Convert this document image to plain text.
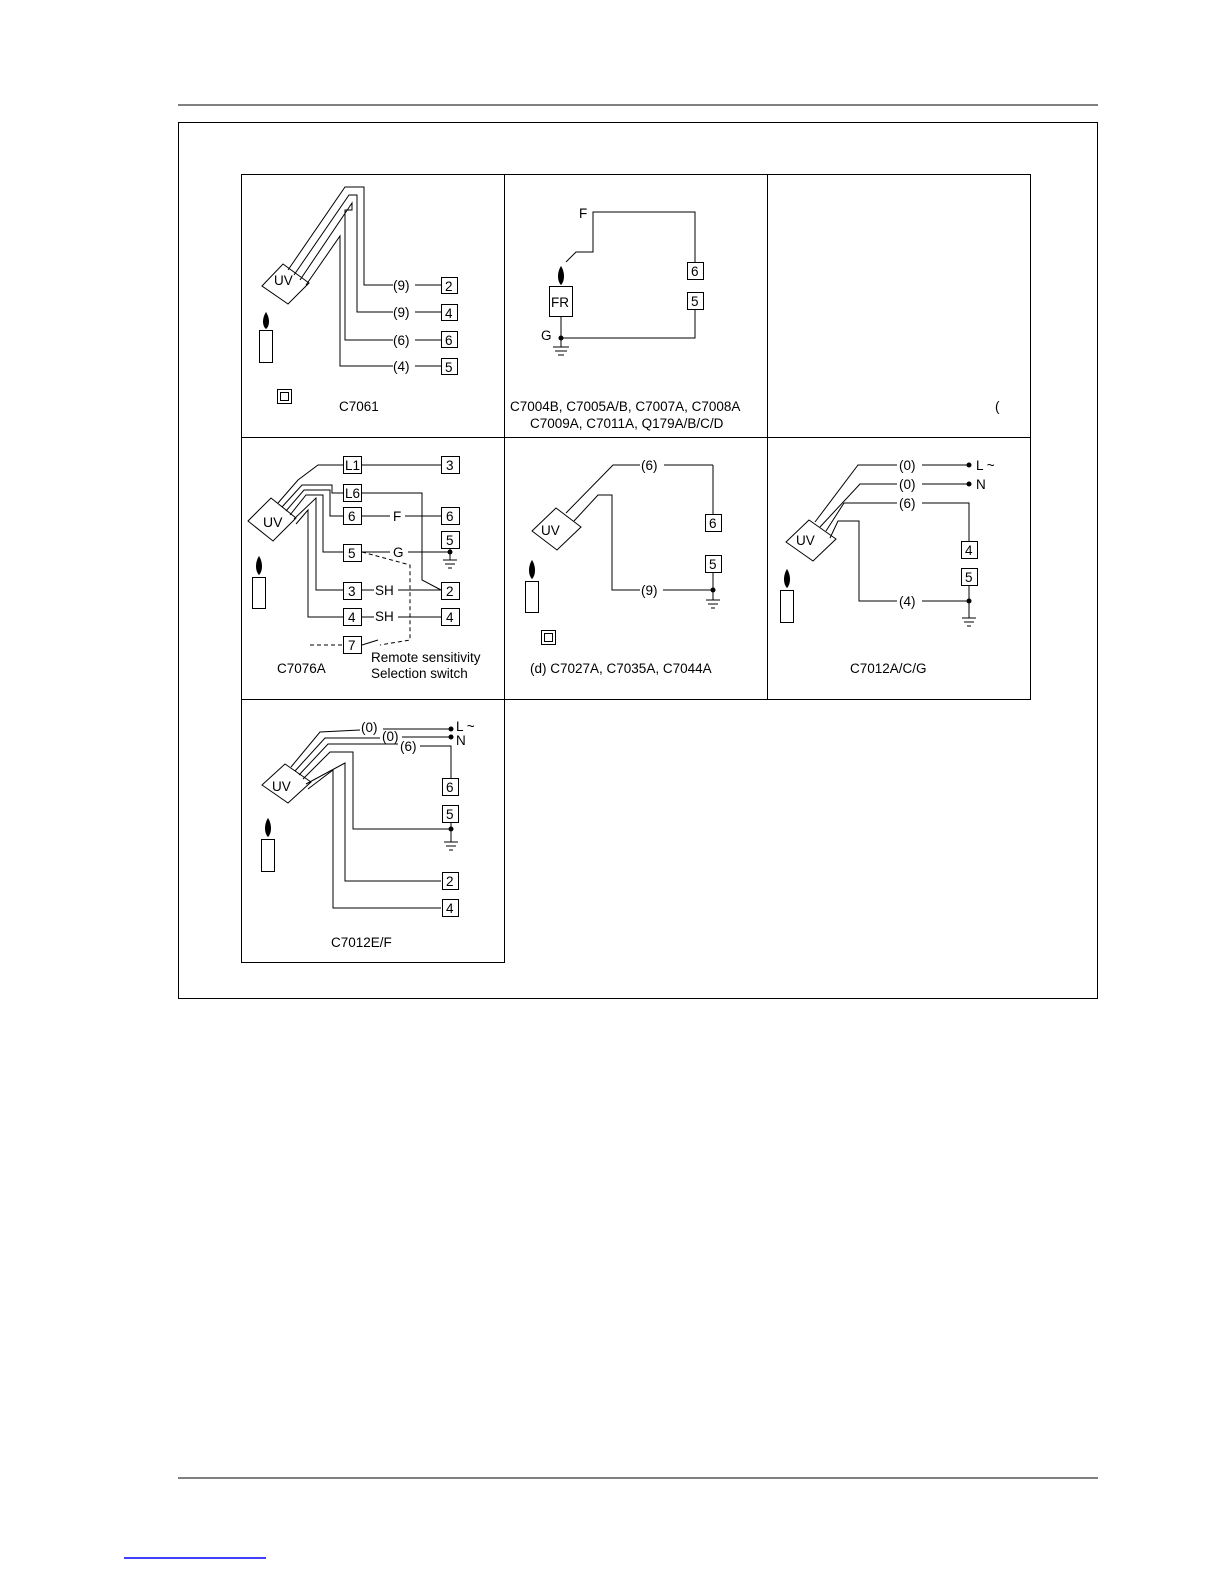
UV	(9)
(9)
(6)
(4)
2
4
6
5
C7061
F
G
FR
6
5
C7004B, C7005A/B, C7007A, C7008A
C7009A, C7011A, Q179A/B/C/D
(
UV
L1
L6
6
5
3
4
7
3
6
5
2
4
F
G
SH
SH
C7076A
Remote sensitivity
Selection switch
UV
(6)
(9)
6
5
(d) C7027A, C7035A, C7044A
UV
(0)
(0)
(6)
(4)
L ~
N
4
5
C7012A/C/G
UV
(0)
(0)
(6)
L ~
N
6
5
2
4
C7012E/F
